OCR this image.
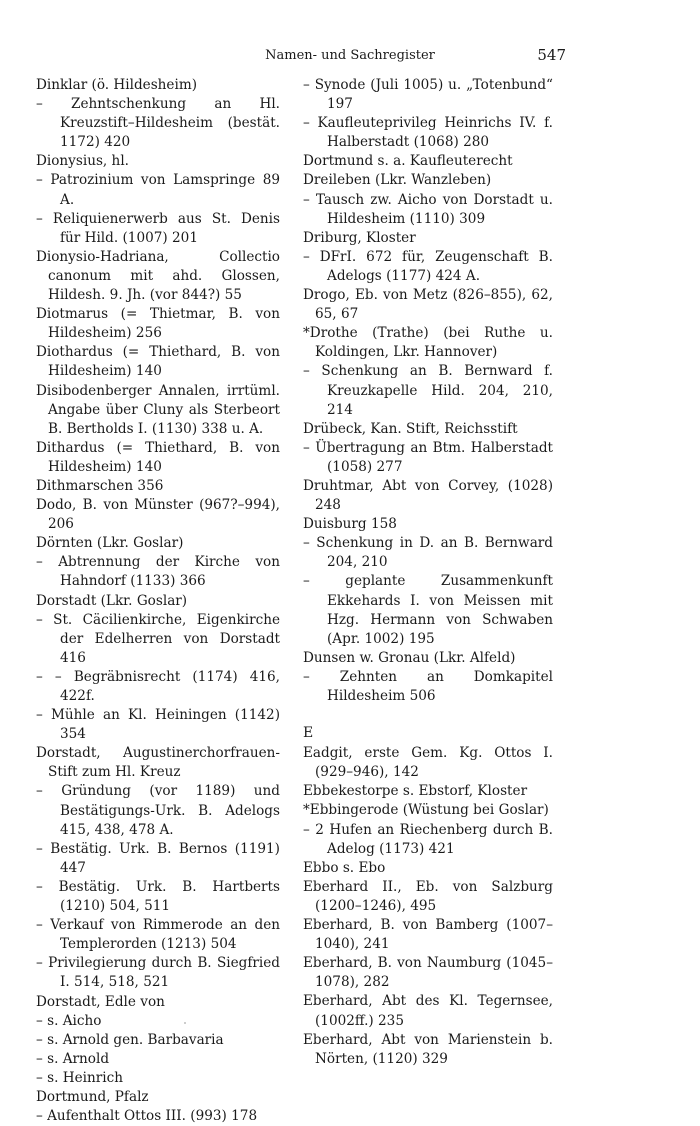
Namen- und Sachregister	547
Dinklar (ö. Hildesheim)
– Zehntschenkung an Hl. Kreuzstift–Hildesheim (bestät. 1172) 420
Dionysius, hl.
– Patrozinium von Lamspringe 89 A.
– Reliquienerwerb aus St. Denis für Hild. (1007) 201
Dionysio-Hadriana, Collectio canonum mit ahd. Glossen, Hildesh. 9. Jh. (vor 844?) 55
Diotmarus (= Thietmar, B. von Hildesheim) 256
Diothardus (= Thiethard, B. von Hildesheim) 140
Disibodenberger Annalen, irrtüml. Angabe über Cluny als Sterbeort B. Bertholds I. (1130) 338 u. A.
Dithardus (= Thiethard, B. von Hildesheim) 140
Dithmarschen 356
Dodo, B. von Münster (967?–994), 206
Dörnten (Lkr. Goslar)
– Abtrennung der Kirche von Hahndorf (1133) 366
Dorstadt (Lkr. Goslar)
– St. Cäcilienkirche, Eigenkirche der Edelherren von Dorstadt 416
– – Begräbnisrecht (1174) 416, 422f.
– Mühle an Kl. Heiningen (1142) 354
Dorstadt, Augustinerchorfrauen-Stift zum Hl. Kreuz
– Gründung (vor 1189) und Bestätigungs-Urk. B. Adelogs 415, 438, 478 A.
– Bestätig. Urk. B. Bernos (1191) 447
– Bestätig. Urk. B. Hartberts (1210) 504, 511
– Verkauf von Rimmerode an den Templerorden (1213) 504
– Privilegierung durch B. Siegfried I. 514, 518, 521
Dorstadt, Edle von
– s. Aicho
– s. Arnold gen. Barbavaria
– s. Arnold
– s. Heinrich
Dortmund, Pfalz
– Aufenthalt Ottos III. (993) 178
– Synode (Juli 1005) u. „Totenbund“ 197
– Kaufleuteprivileg Heinrichs IV. f. Halberstadt (1068) 280
Dortmund s. a. Kaufleuterecht
Dreileben (Lkr. Wanzleben)
– Tausch zw. Aicho von Dorstadt u. Hildesheim (1110) 309
Driburg, Kloster
– DFrI. 672 für, Zeugenschaft B. Adelogs (1177) 424 A.
Drogo, Eb. von Metz (826–855), 62, 65, 67
*Drothe (Trathe) (bei Ruthe u. Koldingen, Lkr. Hannover)
– Schenkung an B. Bernward f. Kreuzkapelle Hild. 204, 210, 214
Drübeck, Kan. Stift, Reichsstift
– Übertragung an Btm. Halberstadt (1058) 277
Druhtmar, Abt von Corvey, (1028) 248
Duisburg 158
– Schenkung in D. an B. Bernward 204, 210
– geplante Zusammenkunft Ekkehards I. von Meissen mit Hzg. Hermann von Schwaben (Apr. 1002) 195
Dunsen w. Gronau (Lkr. Alfeld)
– Zehnten an Domkapitel Hildesheim 506
E
Eadgit, erste Gem. Kg. Ottos I. (929–946), 142
Ebbekestorpe s. Ebstorf, Kloster
*Ebbingerode (Wüstung bei Goslar)
– 2 Hufen an Riechenberg durch B. Adelog (1173) 421
Ebbo s. Ebo
Eberhard II., Eb. von Salzburg (1200–1246), 495
Eberhard, B. von Bamberg (1007–1040), 241
Eberhard, B. von Naumburg (1045–1078), 282
Eberhard, Abt des Kl. Tegernsee, (1002ff.) 235
Eberhard, Abt von Marienstein b. Nörten, (1120) 329
